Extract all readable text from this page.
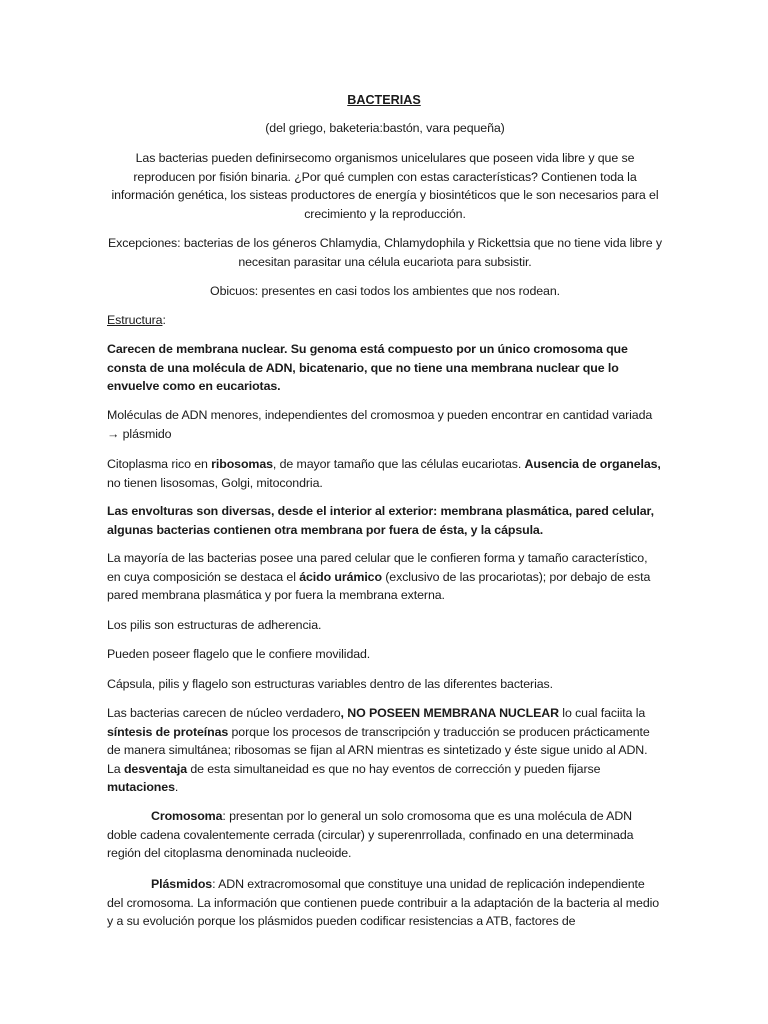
BACTERIAS

(del griego, baketeria:bastón, vara pequeña)

Las bacterias pueden definirsecomo organismos unicelulares que poseen vida libre y que se reproducen por fisión binaria. ¿Por qué cumplen con estas características? Contienen toda la información genética, los sisteas productores de energía y biosintéticos que le son necesarios para el crecimiento y la reproducción.

Excepciones: bacterias de los géneros Chlamydia, Chlamydophila y Rickettsia que no tiene vida libre y necesitan parasitar una célula eucariota para subsistir.

Obicuos: presentes en casi todos los ambientes que nos rodean.

Estructura:

Carecen de membrana nuclear. Su genoma está compuesto por un único cromosoma que consta de una molécula de ADN, bicatenario, que no tiene una membrana nuclear que lo envuelve como en eucariotas.

Moléculas de ADN menores, independientes del cromosmoa y pueden encontrar en cantidad variada → plásmido

Citoplasma rico en ribosomas, de mayor tamaño que las células eucariotas. Ausencia de organelas, no tienen lisosomas, Golgi, mitocondria.

Las envolturas son diversas, desde el interior al exterior: membrana plasmática, pared celular, algunas bacterias contienen otra membrana por fuera de ésta, y la cápsula.

La mayoría de las bacterias posee una pared celular que le confieren forma y tamaño característico, en cuya composición se destaca el ácido urámico (exclusivo de las procariotas); por debajo de esta pared membrana plasmática y por fuera la membrana externa.

Los pilis son estructuras de adherencia.

Pueden poseer flagelo que le confiere movilidad.

Cápsula, pilis y flagelo son estructuras variables dentro de las diferentes bacterias.

Las bacterias carecen de núcleo verdadero, NO POSEEN MEMBRANA NUCLEAR lo cual faciita la síntesis de proteínas porque los procesos de transcripción y traducción se producen prácticamente de manera simultánea; ribosomas se fijan al ARN mientras es sintetizado y éste sigue unido al ADN. La desventaja de esta simultaneidad es que no hay eventos de corrección y pueden fijarse mutaciones.

Cromosoma: presentan por lo general un solo cromosoma que es una molécula de ADN doble cadena covalentemente cerrada (circular) y superenrrollada, confinado en una determinada región del citoplasma denominada nucleoide.

Plásmidos: ADN extracromosomal que constituye una unidad de replicación independiente del cromosoma. La información que contienen puede contribuir a la adaptación de la bacteria al medio y a su evolución porque los plásmidos pueden codificar resistencias a ATB, factores de
